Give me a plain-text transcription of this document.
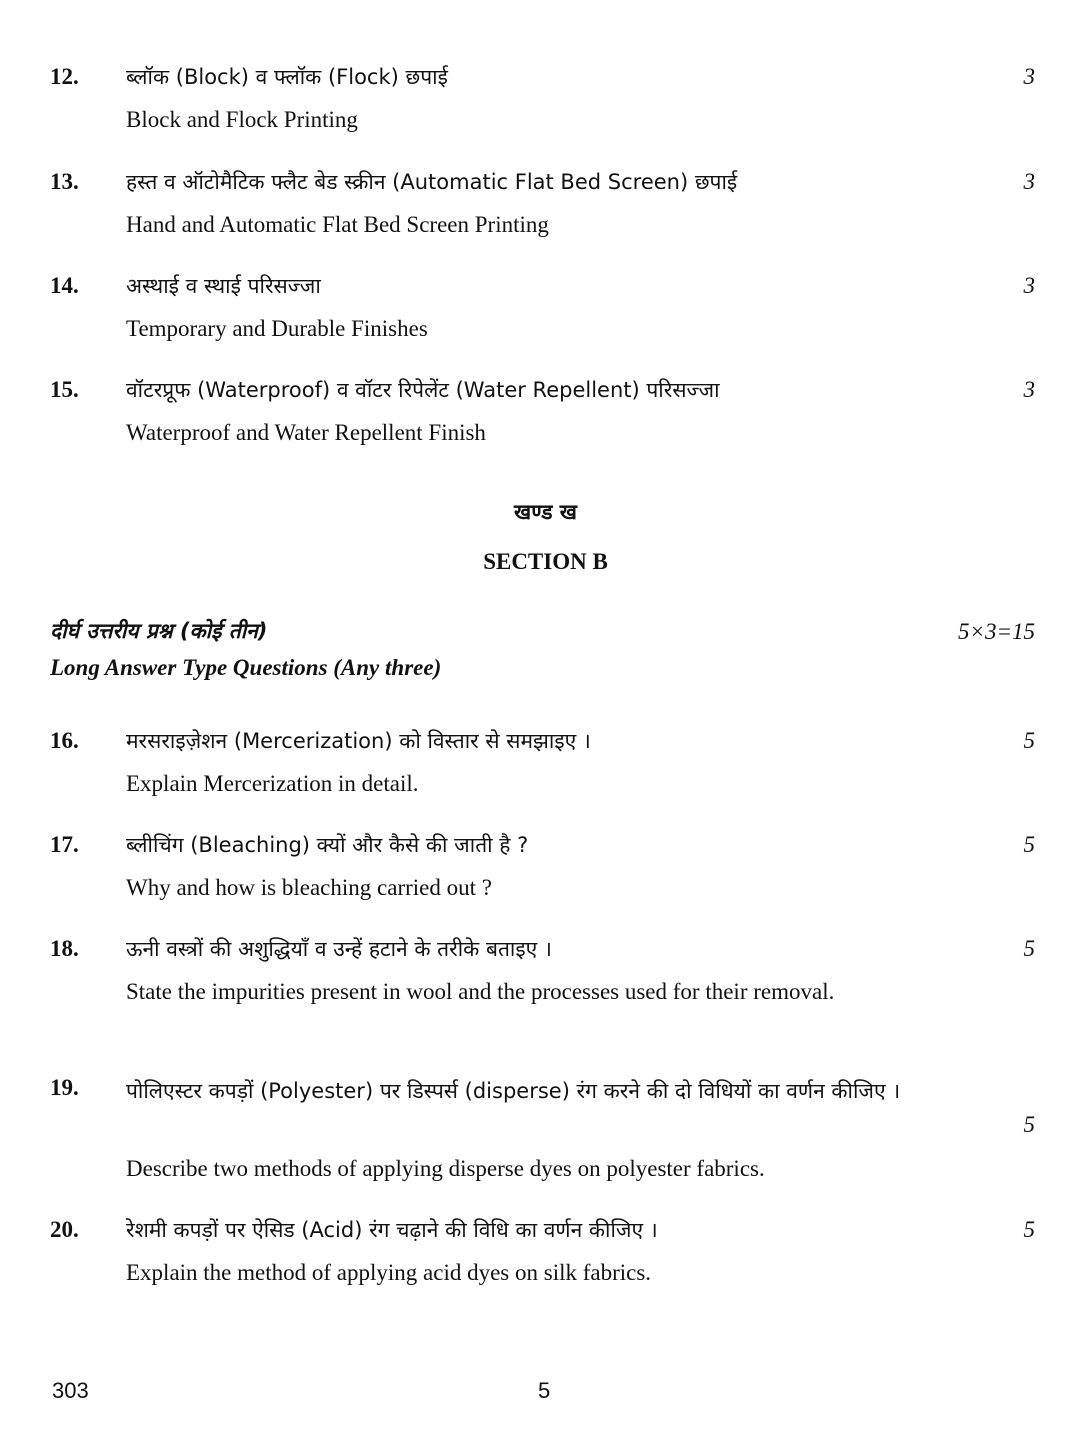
12. ब्लॉक (Block) व फ्लॉक (Flock) छपाई	3
Block and Flock Printing
13. हस्त व ऑटोमैटिक फ्लैट बेड स्क्रीन (Automatic Flat Bed Screen) छपाई	3
Hand and Automatic Flat Bed Screen Printing
14. अस्थाई व स्थाई परिसज्जा	3
Temporary and Durable Finishes
15. वॉटरप्रूफ (Waterproof) व वॉटर रिपेलेंट (Water Repellent) परिसज्जा	3
Waterproof and Water Repellent Finish
खण्ड ख
SECTION B
दीर्घ उत्तरीय प्रश्न (कोई तीन)	5×3=15
Long Answer Type Questions (Any three)
16. मरसराइज़ेशन (Mercerization) को विस्तार से समझाइए ।	5
Explain Mercerization in detail.
17. ब्लीचिंग (Bleaching) क्यों और कैसे की जाती है ?	5
Why and how is bleaching carried out ?
18. ऊनी वस्त्रों की अशुद्धियाँ व उन्हें हटाने के तरीके बताइए ।	5
State the impurities present in wool and the processes used for their removal.
19. पोलिएस्टर कपड़ों (Polyester) पर डिस्पर्स (disperse) रंग करने की दो विधियों का वर्णन कीजिए ।
5
Describe two methods of applying disperse dyes on polyester fabrics.
20. रेशमी कपड़ों पर ऐसिड (Acid) रंग चढ़ाने की विधि का वर्णन कीजिए ।	5
Explain the method of applying acid dyes on silk fabrics.
303	5
